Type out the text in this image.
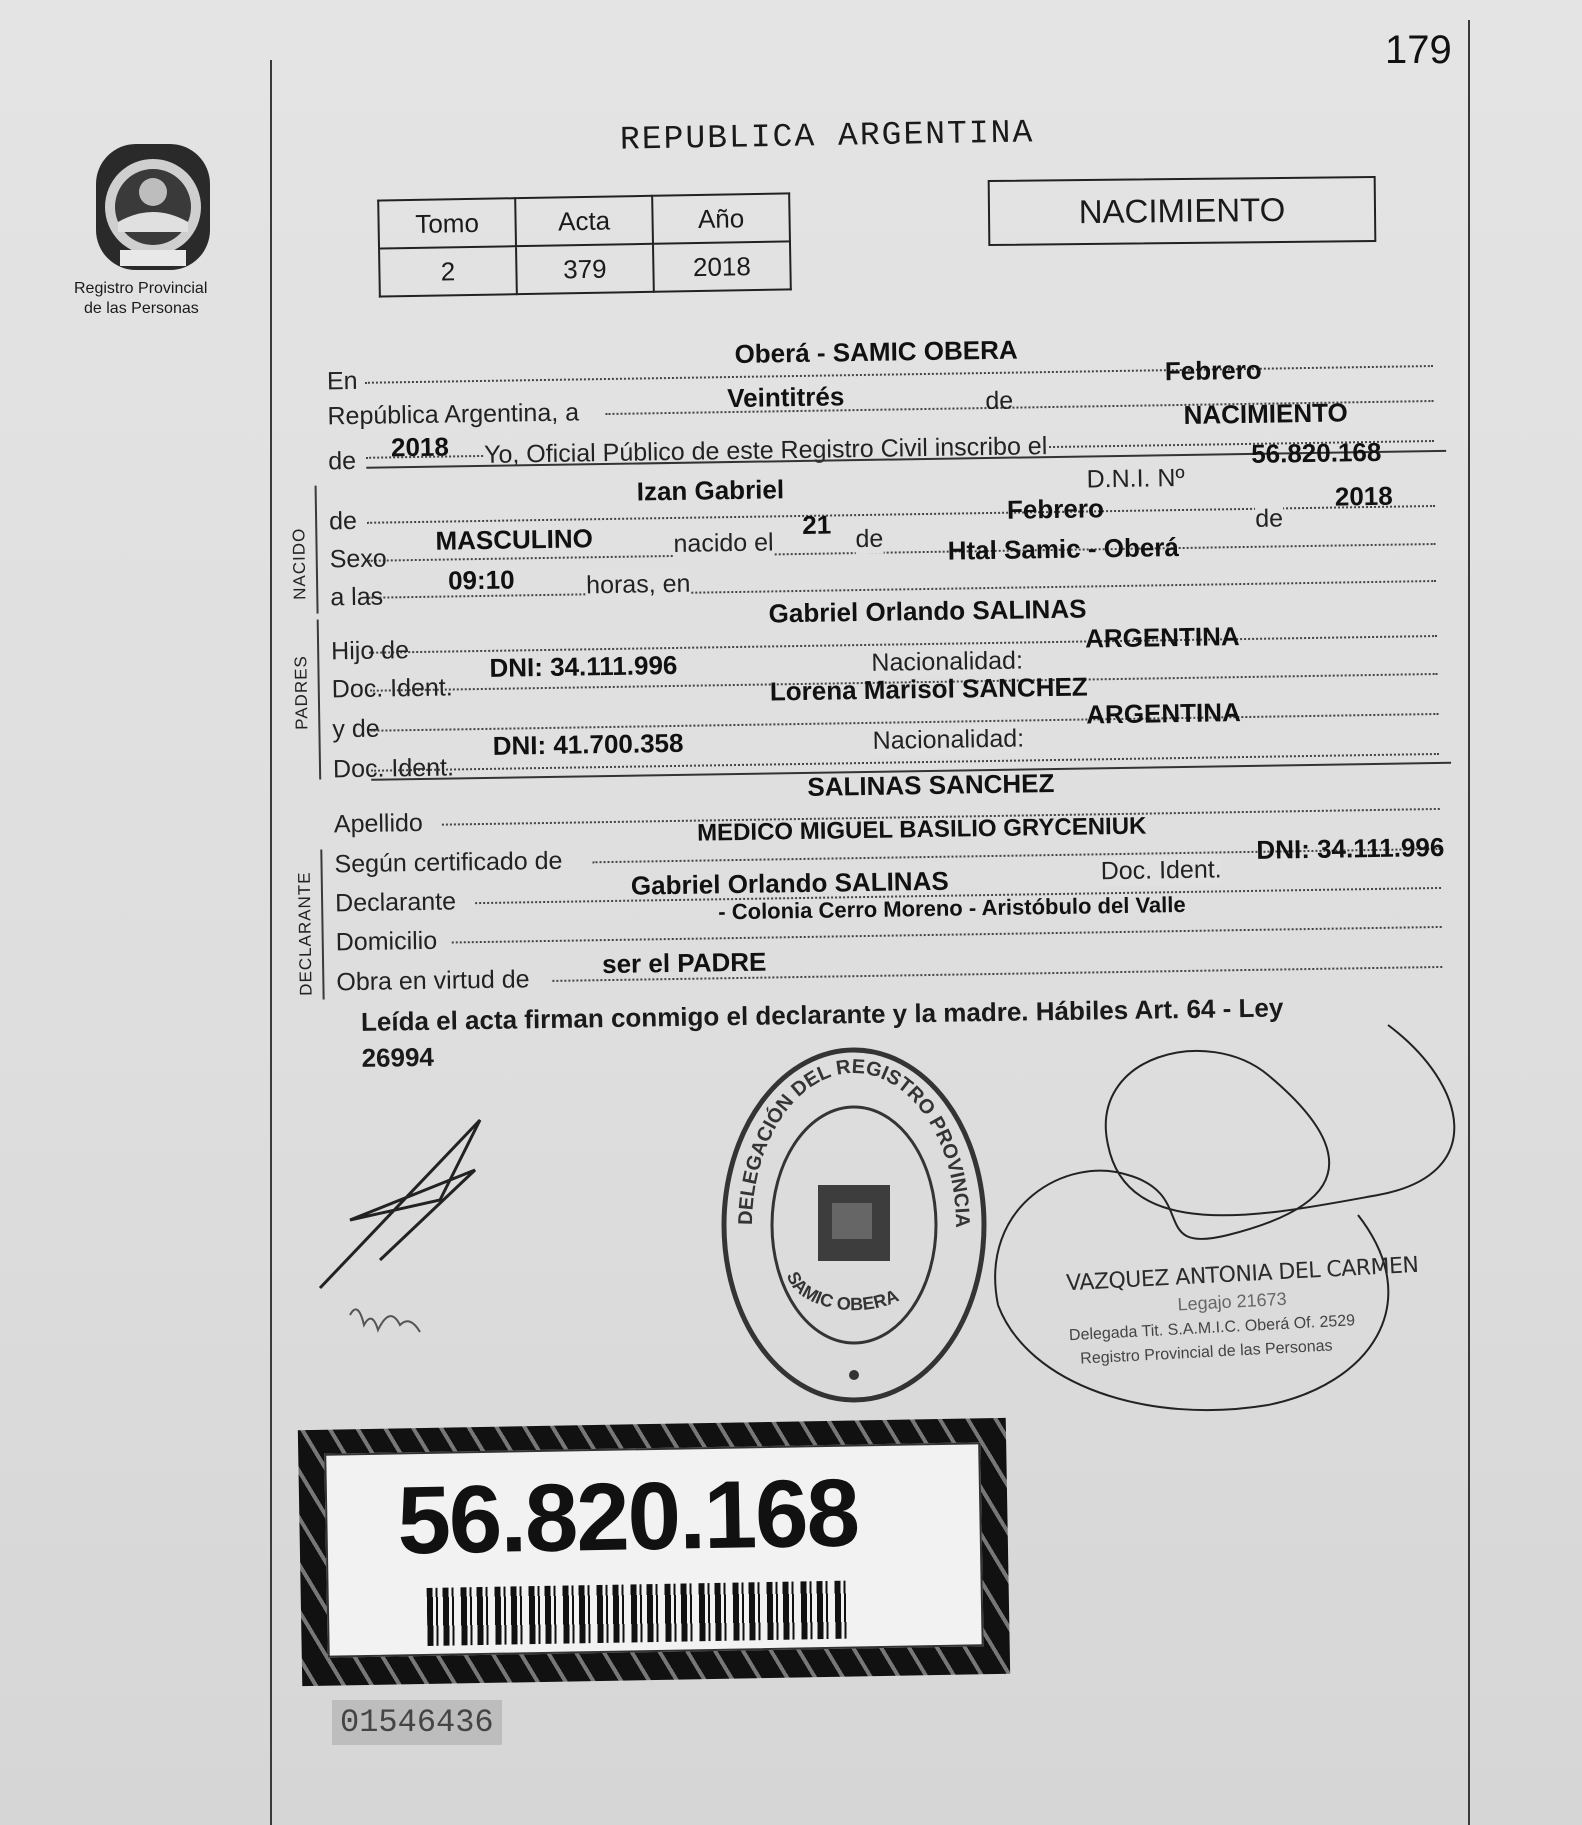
179
Registro Provincial
de las Personas
REPUBLICA ARGENTINA
NACIMIENTO
Tomo	Acta	Año
2	379	2018
En
Oberá - SAMIC OBERA
República Argentina, a
Veintitrés	de
Febrero
de 2018 Yo, Oficial Público de este Registro Civil inscribo el
NACIMIENTO
NACIDO
de
Izan Gabriel	D.N.I. Nº
56.820.168
Sexo
MASCULINO	nacido el
21 de
Febrero	de
2018
a las
09:10	horas, en
Htal Samic - Oberá
PADRES
Hijo de
Gabriel Orlando SALINAS
Doc. Ident.
DNI: 34.111.996	Nacionalidad:
ARGENTINA
y de
Lorena Marisol SANCHEZ
Doc. Ident.
DNI: 41.700.358	Nacionalidad:
ARGENTINA
Apellido
SALINAS SANCHEZ
DECLARANTE
Según certificado de
MEDICO MIGUEL BASILIO GRYCENIUK
Declarante
Gabriel Orlando SALINAS	Doc. Ident.
DNI: 34.111.996
Domicilio
- Colonia Cerro Moreno - Aristóbulo del Valle
Obra en virtud de
ser el PADRE
Leída el acta firman conmigo el declarante y la madre. Hábiles Art. 64 - Ley
26994
DELEGACIÓN DEL REGISTRO PROVINCIA
SAMIC OBERA
VAZQUEZ ANTONIA DEL CARMEN
Legajo 21673
Delegada Tit. S.A.M.I.C. Oberá Of. 2529
Registro Provincial de las Personas
56.820.168
01546436
